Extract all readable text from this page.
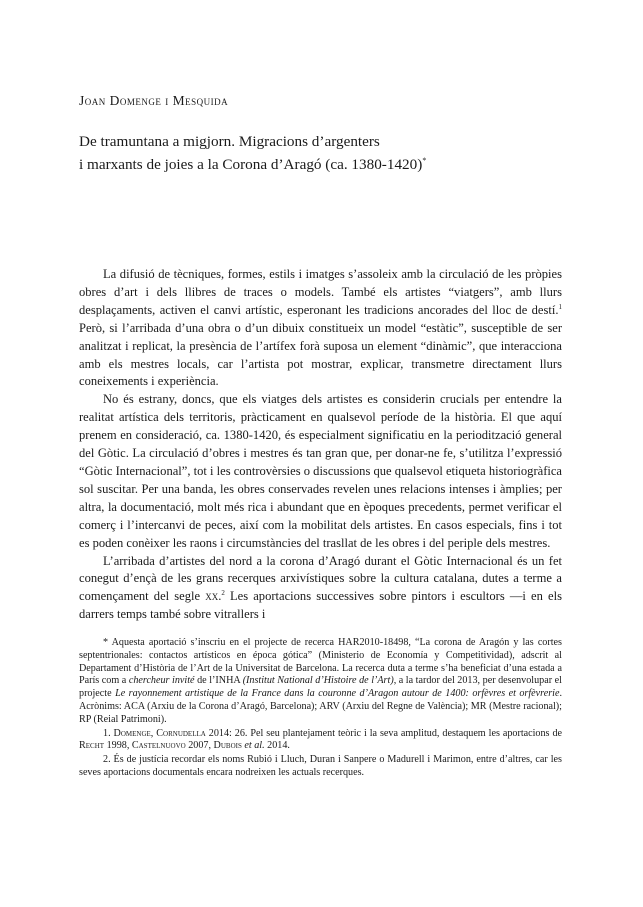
Joan Domenge i Mesquida
De tramuntana a migjorn. Migracions d’argenters
i marxants de joies a la Corona d’Aragó (ca. 1380-1420)*

La difusió de tècniques, formes, estils i imatges s’assoleix amb la circulació de les pròpies obres d’art i dels llibres de traces o models. També els artistes “viatgers”, amb llurs desplaçaments, activen el canvi artístic, esperonant les tradicions ancorades del lloc de destí.$^1$ Però, si l’arribada d’una obra o d’un dibuix constitueix un model “estàtic”, susceptible de ser analitzat i replicat, la presència de l’artífex forà suposa un element “dinàmic”, que interacciona amb els mestres locals, car l’artista pot mostrar, explicar, transmetre directament llurs coneixements i experiència.

No és estrany, doncs, que els viatges dels artistes es considerin crucials per entendre la realitat artística dels territoris, pràcticament en qualsevol període de la història. El que aquí prenem en consideració, ca. 1380-1420, és especialment significatiu en la periodització general del Gòtic. La circulació d’obres i mestres és tan gran que, per donar-ne fe, s’utilitza l’expressió “Gòtic Internacional”, tot i les controvèrsies o discussions que qualsevol etiqueta historiogràfica sol suscitar. Per una banda, les obres conservades revelen unes relacions intenses i àmplies; per altra, la documentació, molt més rica i abundant que en èpoques precedents, permet verificar el comerç i l’intercanvi de peces, així com la mobilitat dels artistes. En casos especials, fins i tot es poden conèixer les raons i circumstàncies del trasllat de les obres i del periple dels mestres.

L’arribada d’artistes del nord a la corona d’Aragó durant el Gòtic Internacional és un fet conegut d’ençà de les grans recerques arxivístiques sobre la cultura catalana, dutes a terme a començament del segle xx.$^2$ Les aportacions successives sobre pintors i escultors —i en els darrers temps també sobre vitrallers i

* Aquesta aportació s’inscriu en el projecte de recerca HAR2010-18498, “La corona de Aragón y las cortes septentrionales: contactos artísticos en época gótica” (Ministerio de Economía y Competitividad), adscrit al Departament d’Història de l’Art de la Universitat de Barcelona. La recerca duta a terme s’ha beneficiat d’una estada a París com a chercheur invité de l’INHA (Institut National d’Histoire de l’Art), a la tardor del 2013, per desenvolupar el projecte Le rayonnement artistique de la France dans la couronne d’Aragon autour de 1400: orfèvres et orfèvrerie. Acrònims: ACA (Arxiu de la Corona d’Aragó, Barcelona); ARV (Arxiu del Regne de València); MR (Mestre racional); RP (Reial Patrimoni).

1. Domenge, Cornudella 2014: 26. Pel seu plantejament teòric i la seva amplitud, destaquem les aportacions de Recht 1998, Castelnuovo 2007, Dubois et al. 2014.

2. És de justícia recordar els noms Rubió i Lluch, Duran i Sanpere o Madurell i Marimon, entre d’altres, car les seves aportacions documentals encara nodreixen les actuals recerques.
